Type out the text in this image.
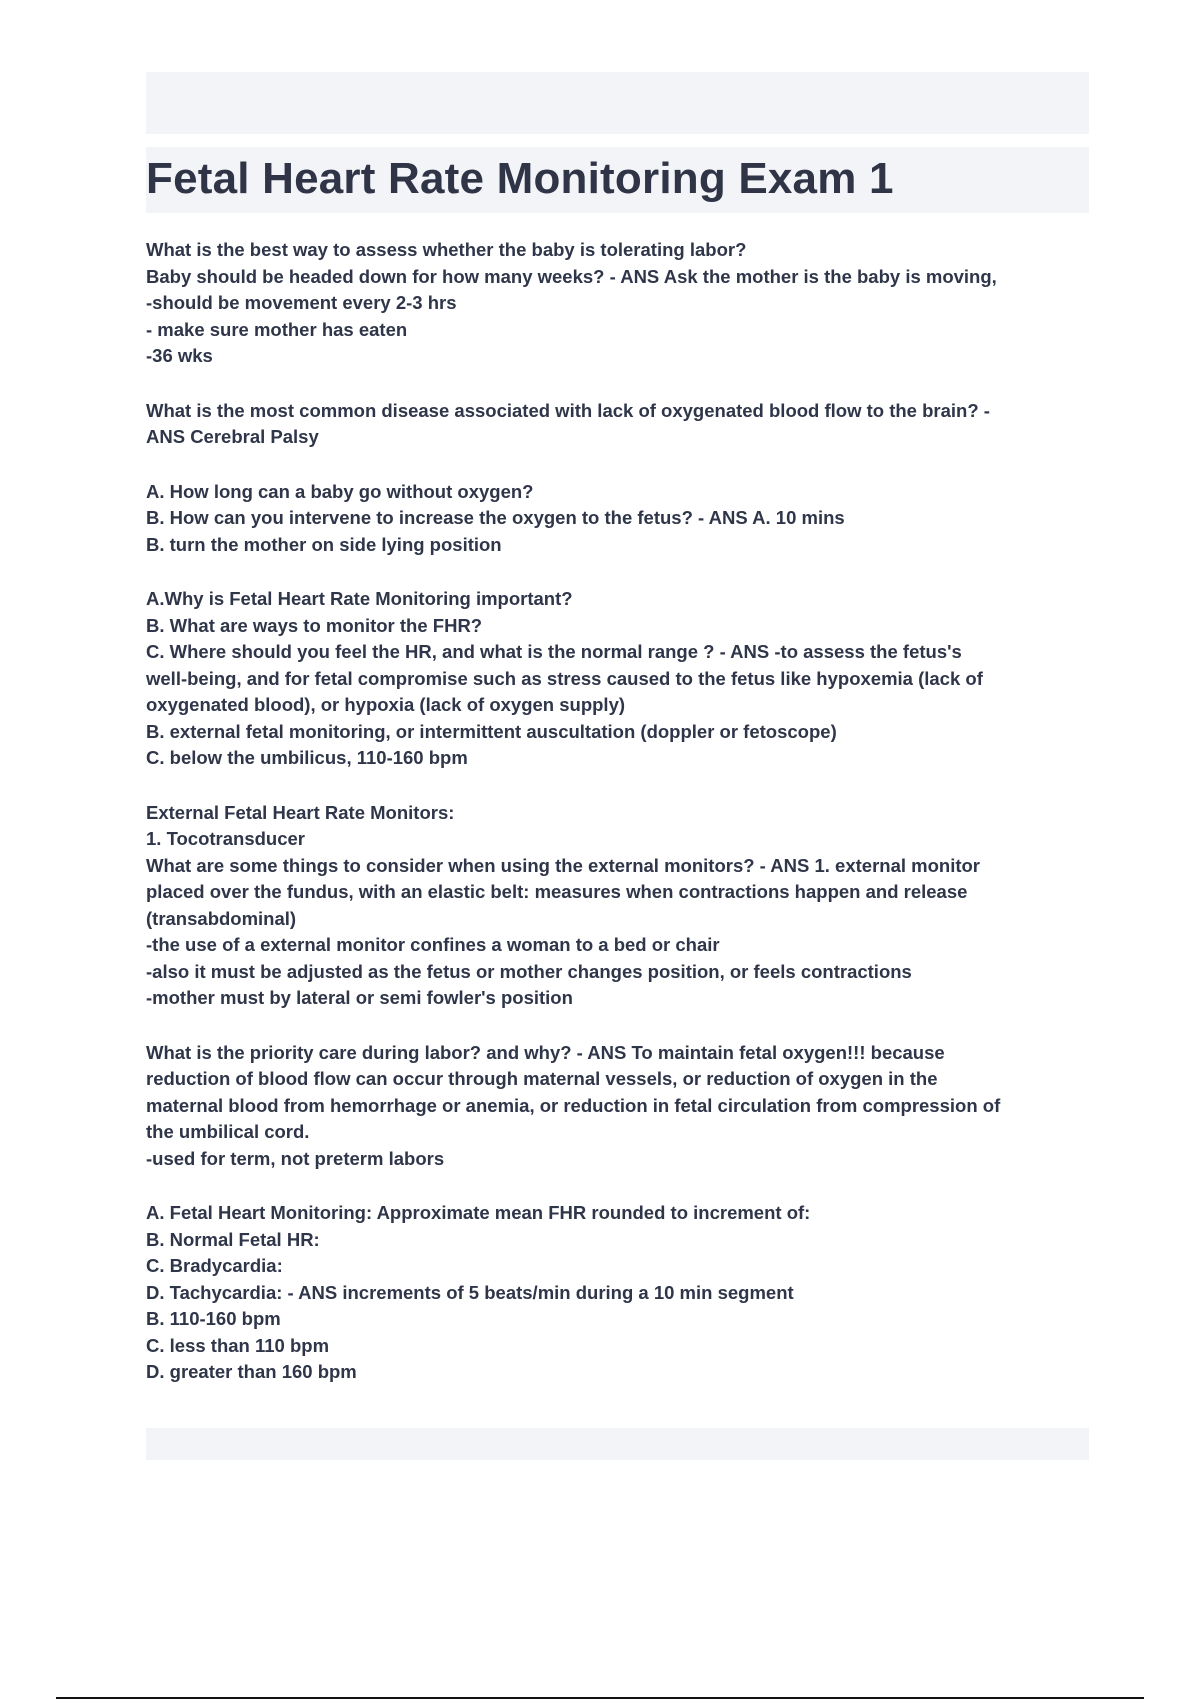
Fetal Heart Rate Monitoring Exam 1
What is the best way to assess whether the baby is tolerating labor?
Baby should be headed down for how many weeks? - ANS Ask the mother is the baby is moving,
-should be movement every 2-3 hrs
- make sure mother has eaten
-36 wks
What is the most common disease associated with lack of oxygenated blood flow to the brain? -
ANS Cerebral Palsy
A. How long can a baby go without oxygen?
B. How can you intervene to increase the oxygen to the fetus? - ANS A. 10 mins
B. turn the mother on side lying position
A.Why is Fetal Heart Rate Monitoring important?
B. What are ways to monitor the FHR?
C. Where should you feel the HR, and what is the normal range ? - ANS -to assess the fetus's
well-being, and for fetal compromise such as stress caused to the fetus like hypoxemia (lack of
oxygenated blood), or hypoxia (lack of oxygen supply)
B. external fetal monitoring, or intermittent auscultation (doppler or fetoscope)
C. below the umbilicus, 110-160 bpm
External Fetal Heart Rate Monitors:
1. Tocotransducer
What are some things to consider when using the external monitors? - ANS 1. external monitor
placed over the fundus, with an elastic belt: measures when contractions happen and release
(transabdominal)
-the use of a external monitor confines a woman to a bed or chair
-also it must be adjusted as the fetus or mother changes position, or feels contractions
-mother must by lateral or semi fowler's position
What is the priority care during labor? and why? - ANS To maintain fetal oxygen!!! because
reduction of blood flow can occur through maternal vessels, or reduction of oxygen in the
maternal blood from hemorrhage or anemia, or reduction in fetal circulation from compression of
the umbilical cord.
-used for term, not preterm labors
A. Fetal Heart Monitoring: Approximate mean FHR rounded to increment of:
B. Normal Fetal HR:
C. Bradycardia:
D. Tachycardia: - ANS increments of 5 beats/min during a 10 min segment
B. 110-160 bpm
C. less than 110 bpm
D. greater than 160 bpm
